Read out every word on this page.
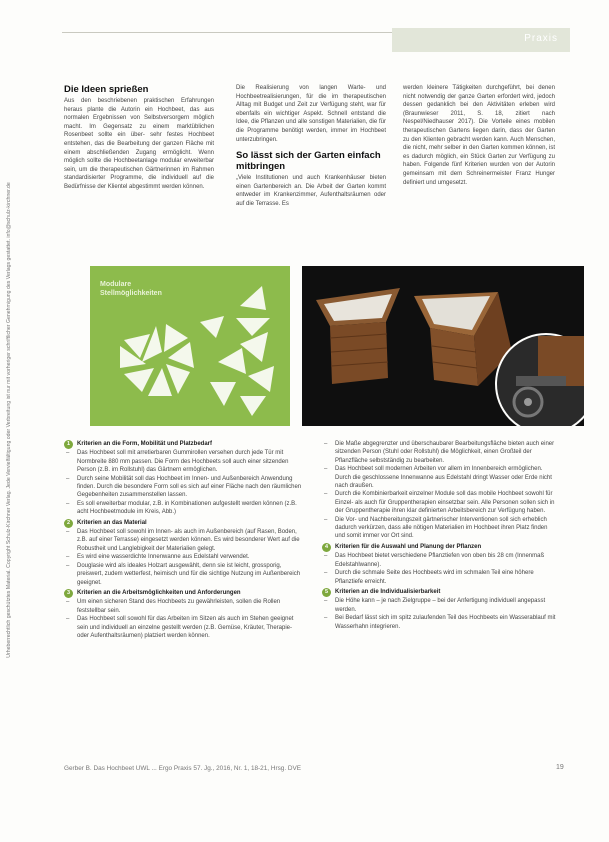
Praxis
Urheberrechtlich geschütztes Material. Copyright Schulz-Kirchner Verlag. Jede Vervielfältigung oder Verbreitung ist nur mit vorheriger schriftlicher Genehmigung des Verlags gestattet. info@schulz-kirchner.de
Die Ideen sprießen

Aus den beschriebenen praktischen Erfahrungen heraus plante die Autorin ein Hochbeet, das aus normalen Ergebnissen von Selbstversorgern möglich macht. Im Gegensatz zu einem marktüblichen Rosenbeet sollte ein über- sehr festes Hochbeet entstehen, das die Bearbeitung der ganzen Fläche mit einem abschließenden Zugang ermöglicht. Wenn möglich sollte die Hochbeetanlage modular erweiterbar sein, um die therapeutischen Gärtnerinnen im Rahmen standardisierter Programme, die individuell auf die Bedürfnisse der Klientel abgestimmt werden können.

Die Realisierung von langen Warte- und Hochbeetrealisierungen, für die im therapeutischen Alltag mit Budget und Zeit zur Verfügung steht, war für ebenfalls ein wichtiger Aspekt. Schnell entstand die Idee, die Pflanzen und alle sonstigen Materialien, die für die Programme benötigt werden, immer im Hochbeet unterzubringen.

So lässt sich der Garten einfach mitbringen

„Viele Institutionen und auch Krankenhäuser bieten einen Gartenbereich an. Die Arbeit der Garten kommt entweder im Krankenzimmer, Aufenthaltsräumen oder auf die Terrasse. Es

werden kleinere Tätigkeiten durchgeführt, bei denen nicht notwendig der ganze Garten erfordert wird, jedoch dessen gedanklich bei den Aktivitäten erleben wird (Braunwieser 2011, S. 18, zitiert nach Nespel/Niedhauser 2017). Die Vorteile eines mobilen therapeutischen Gartens liegen darin, dass der Garten zu den Klienten gebracht werden kann. Auch Menschen, die nicht, mehr selber in den Garten kommen können, ist es dadurch möglich, ein Stück Garten zur Verfügung zu haben. Folgende fünf Kriterien wurden von der Autorin gemeinsam mit dem Schreinermeister Franz Hunger definiert und umgesetzt.

Modulare
Stellmöglichkeiten
1	Kriterien an die Form, Mobilität und Platzbedarf
– Das Hochbeet soll mit arretierbaren Gummirollen versehen durch jede Tür mit Normbreite 880 mm passen. Die Form des Hochbeets soll auch einer sitzenden Person (z.B. im Rollstuhl) das Gärtnern ermöglichen.
– Durch seine Mobilität soll das Hochbeet im Innen- und Außenbereich Anwendung finden. Durch die besondere Form soll es sich auf einer Fläche nach den räumlichen Gegebenheiten zusammenstellen lassen.
– Es soll erweiterbar modular, z.B. in Kombinationen aufgestellt werden können (z.B. acht Hochbeetmodule im Kreis, Abb.)
2	Kriterien an das Material
– Das Hochbeet soll sowohl im Innen- als auch im Außenbereich (auf Rasen, Boden, z.B. auf einer Terrasse) eingesetzt werden können. Es wird besonderer Wert auf die Robustheit und Langlebigkeit der Materialien gelegt.
– Es wird eine wasserdichte Innenwanne aus Edelstahl verwendet.
– Douglasie wird als ideales Holzart ausgewählt, denn sie ist leicht, grossporig, preiswert, zudem wetterfest, heimisch und für die sichtige Nutzung im Außenbereich geeignet.
3	Kriterien an die Arbeitsmöglichkeiten und Anforderungen
– Um einen sicheren Stand des Hochbeets zu gewährleisten, sollen die Rollen feststellbar sein.
– Das Hochbeet soll sowohl für das Arbeiten im Sitzen als auch im Stehen geeignet sein und individuell an einzelne gestellt werden (z.B. Gemüse, Kräuter, Therapie- oder Aufenthaltsräumen) platziert werden können.
– Die Maße abgegrenzter und überschaubarer Bearbeitungsfläche bieten auch einer sitzenden Person (Stuhl oder Rollstuhl) die Möglichkeit, einen Großteil der Pflanzfläche selbstständig zu bearbeiten.
– Das Hochbeet soll modernen Arbeiten vor allem im Innenbereich ermöglichen. Durch die geschlossene Innenwanne aus Edelstahl dringt Wasser oder Erde nicht nach draußen.
– Durch die Kombinierbarkeit einzelner Module soll das mobile Hochbeet sowohl für Einzel- als auch für Gruppentherapien einsetzbar sein. Alle Personen sollen sich in der Gruppentherapie ihren klar definierten Arbeitsbereich zur Verfügung haben.
– Die Vor- und Nachbereitungszeit gärtnerischer Interventionen soll sich erheblich dadurch verkürzen, dass alle nötigen Materialien im Hochbeet ihren Platz finden und somit immer vor Ort sind.
4	Kriterien für die Auswahl und Planung der Pflanzen
– Das Hochbeet bietet verschiedene Pflanztiefen von oben bis 28 cm (Innenmaß Edelstahlwanne).
– Durch die schmale Seite des Hochbeets wird im schmalen Teil eine höhere Pflanztiefe erreicht.
5	Kriterien an die Individualisierbarkeit
– Die Höhe kann – je nach Zielgruppe – bei der Anfertigung individuell angepasst werden.
– Bei Bedarf lässt sich im spitz zulaufenden Teil des Hochbeets ein Wasserablauf mit Wasserhahn integrieren.
Gerber B. Das Hochbeet UWL ... Ergo Praxis 57. Jg., 2016, Nr. 1, 18-21, Hrsg. DVE	19
